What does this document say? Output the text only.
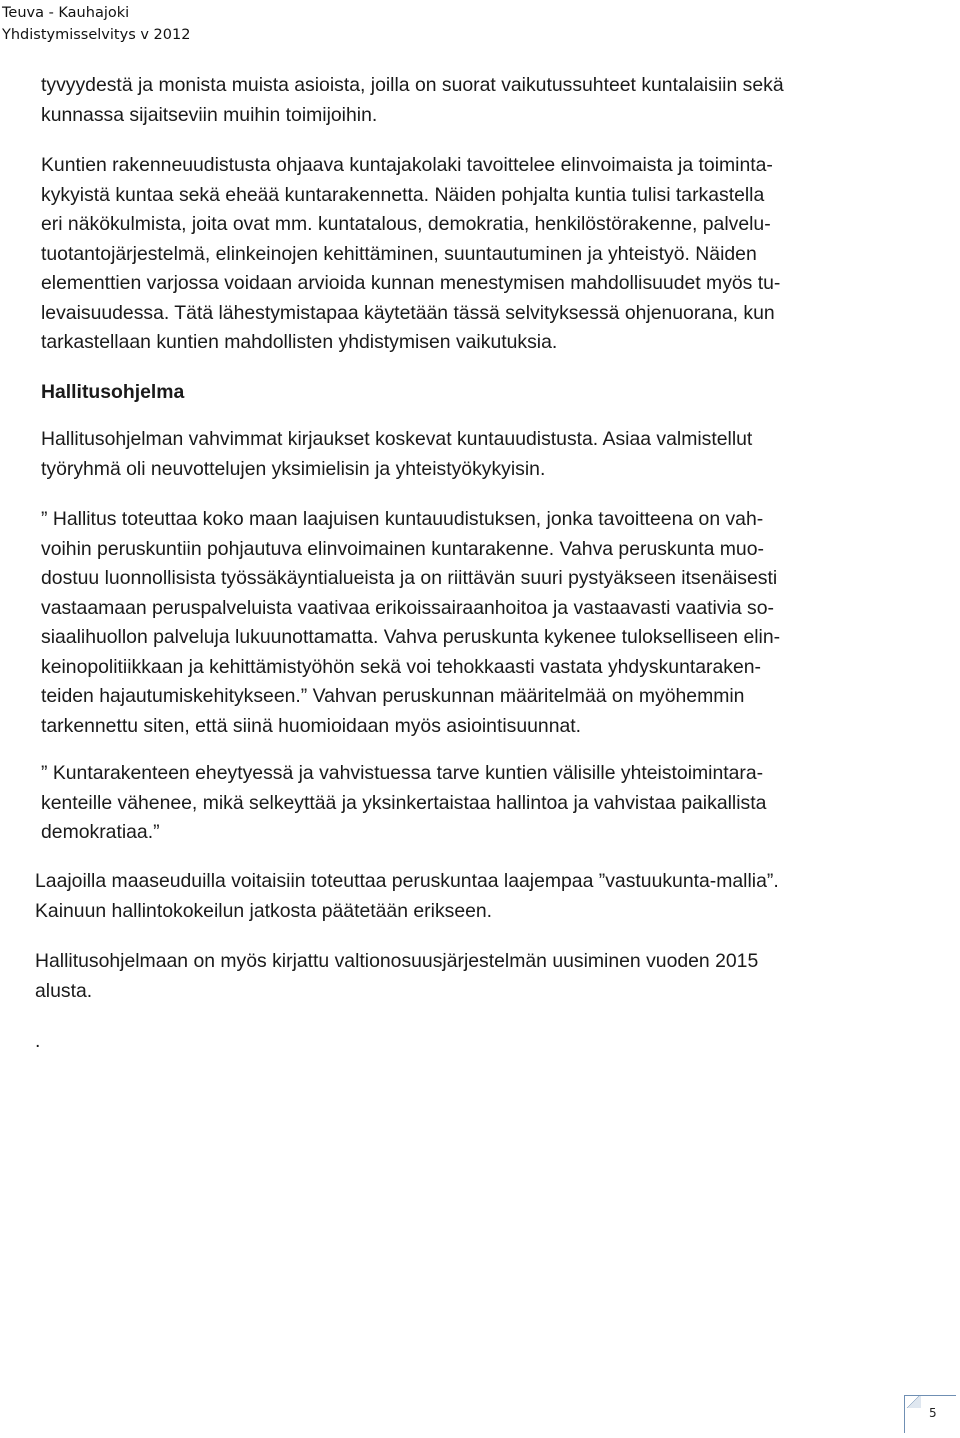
Teuva - Kauhajoki
Yhdistymisselvitys v 2012
tyvyydestä ja monista muista asioista, joilla on suorat vaikutussuhteet kuntalaisiin sekä
kunnassa sijaitseviin muihin toimijoihin.
Kuntien rakenneuudistusta ohjaava kuntajakolaki tavoittelee elinvoimaista ja toiminta-
kykyistä kuntaa sekä eheää kuntarakennetta. Näiden pohjalta kuntia tulisi tarkastella
eri näkökulmista, joita ovat mm. kuntatalous, demokratia, henkilöstörakenne, palvelu-
tuotantojärjestelmä, elinkeinojen kehittäminen, suuntautuminen ja yhteistyö. Näiden
elementtien varjossa voidaan arvioida kunnan menestymisen mahdollisuudet myös tu-
levaisuudessa. Tätä lähestymistapaa käytetään tässä selvityksessä ohjenuorana, kun
tarkastellaan kuntien mahdollisten yhdistymisen vaikutuksia.
Hallitusohjelma
Hallitusohjelman vahvimmat kirjaukset koskevat kuntauudistusta. Asiaa valmistellut
työryhmä oli neuvottelujen yksimielisin ja yhteistyökykyisin.
” Hallitus toteuttaa koko maan laajuisen kuntauudistuksen, jonka tavoitteena on vah-
voihin peruskuntiin pohjautuva elinvoimainen kuntarakenne. Vahva peruskunta muo-
dostuu luonnollisista työssäkäyntialueista ja on riittävän suuri pystyäkseen itsenäisesti
vastaamaan peruspalveluista vaativaa erikoissairaanhoitoa ja vastaavasti vaativia so-
siaalihuollon palveluja lukuunottamatta. Vahva peruskunta kykenee tulokselliseen elin-
keinopolitiikkaan ja kehittämistyöhön sekä voi tehokkaasti vastata yhdyskuntaraken-
teiden hajautumiskehitykseen.” Vahvan peruskunnan määritelmää on myöhemmin
tarkennettu siten, että siinä huomioidaan myös asiointisuunnat.
” Kuntarakenteen eheytyessä ja vahvistuessa tarve kuntien välisille yhteistoimintara-
kenteille vähenee, mikä selkeyttää ja yksinkertaistaa hallintoa ja vahvistaa paikallista
demokratiaa.”
Laajoilla maaseuduilla voitaisiin toteuttaa peruskuntaa laajempaa ”vastuukunta-mallia”.
Kainuun hallintokokeilun jatkosta päätetään erikseen.
Hallitusohjelmaan on myös kirjattu valtionosuusjärjestelmän uusiminen vuoden 2015
alusta.
.
5
